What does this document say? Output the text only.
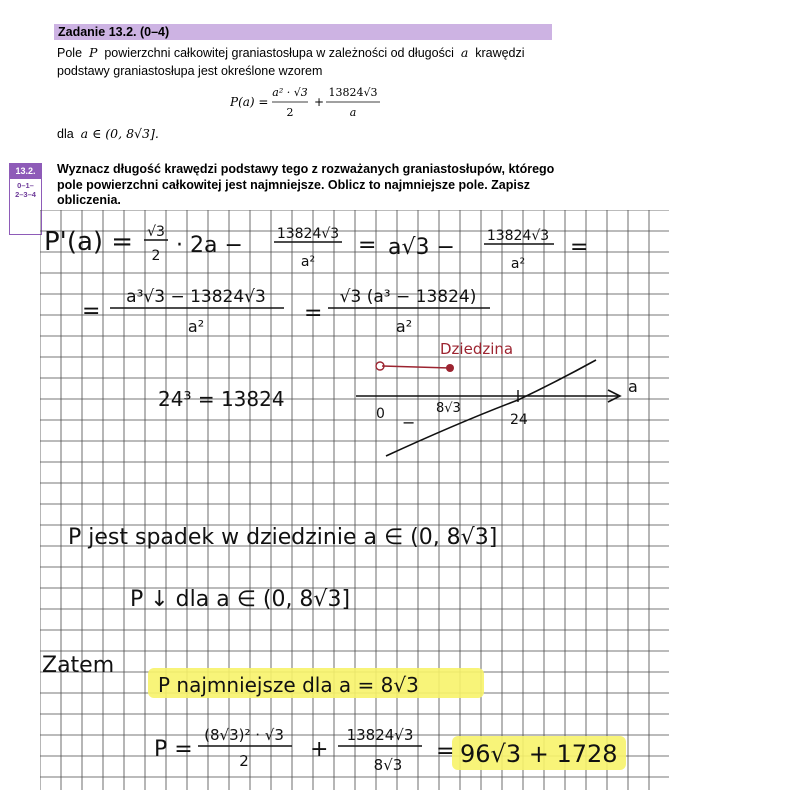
Zadanie 13.2. (0–4)
Pole P powierzchni całkowitej graniastosłupa w zależności od długości a krawędzi
podstawy graniastosłupa jest określone wzorem
P(a) =
a² · √3
2
+
13824√3
a
dla a ∈ (0, 8√3].
13.2.
0–1–
2–3–4
Wyznacz długość krawędzi podstawy tego z rozważanych graniastosłupów, którego pole powierzchni całkowitej jest najmniejsze. Oblicz to najmniejsze pole. Zapisz obliczenia.
P'(a) = √3
2 · 2a − 13824√3
a²
= a√3 − 13824√3
a²
=
=
a³√3 − 13824√3
a²
=
√3 (a³ − 13824)
a²
24³ = 13824
Dziedzina
a
0	8√3
24
−
P jest spadek w dziedzinie a ∈ (0, 8√3]
P ↓ dla a ∈ (0, 8√3]
Zatem
P najmniejsze dla a = 8√3
P =
(8√3)² · √3
2	+
13824√3
8√3
= 96√3 + 1728
